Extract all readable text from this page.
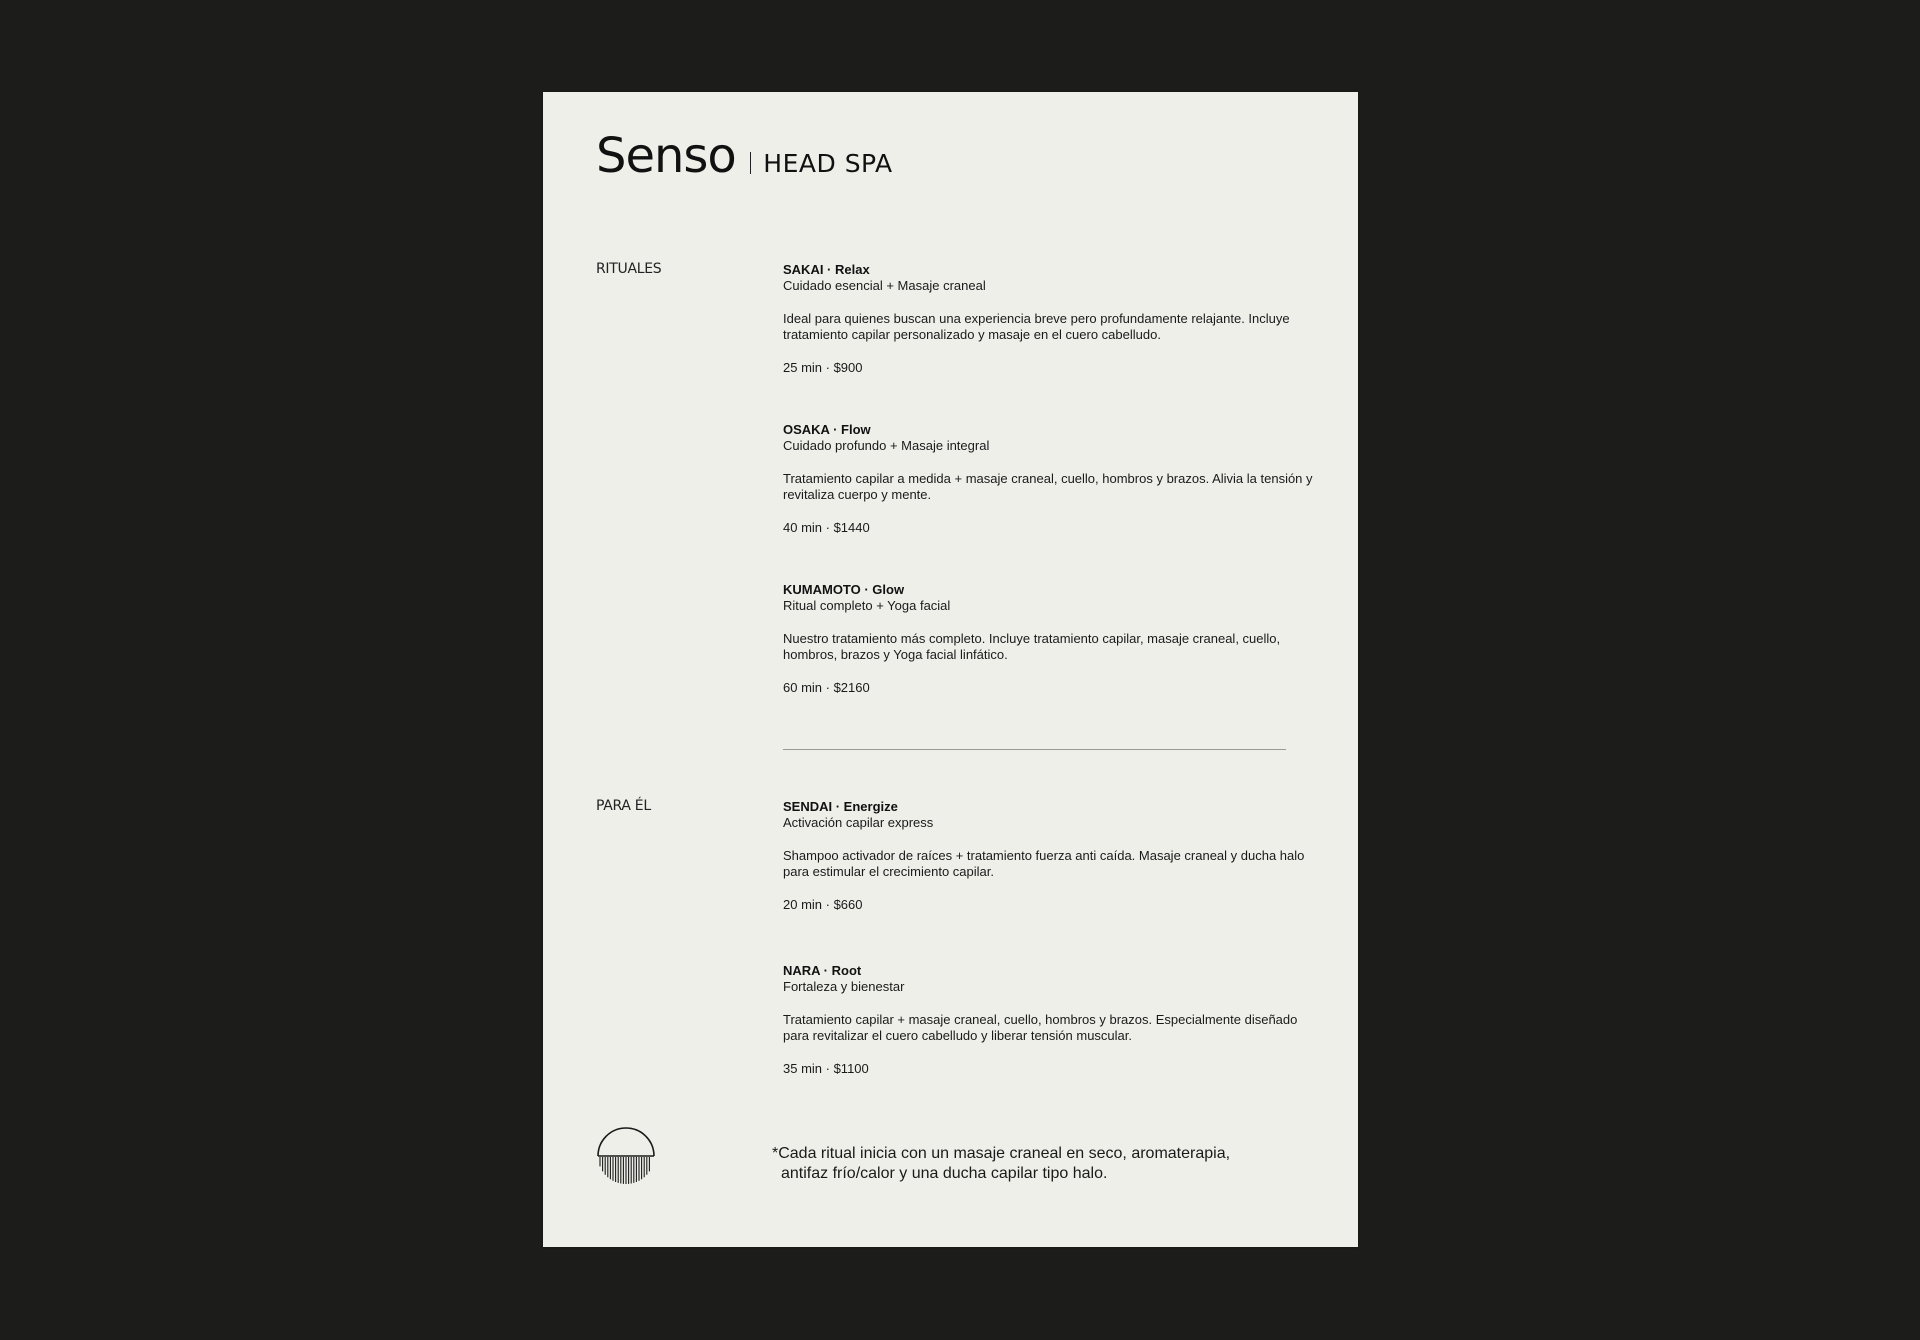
Senso HEAD SPA
RITUALES	SAKAI · Relax
Cuidado esencial + Masaje craneal
Ideal para quienes buscan una experiencia breve pero profundamente relajante. Incluye tratamiento capilar personalizado y masaje en el cuero cabelludo.
25 min · $900
OSAKA · Flow
Cuidado profundo + Masaje integral
Tratamiento capilar a medida + masaje craneal, cuello, hombros y brazos. Alivia la tensión y revitaliza cuerpo y mente.
40 min · $1440
KUMAMOTO · Glow
Ritual completo + Yoga facial
Nuestro tratamiento más completo. Incluye tratamiento capilar, masaje craneal, cuello, hombros, brazos y Yoga facial linfático.
60 min · $2160
PARA ÉL	SENDAI · Energize
Activación capilar express
Shampoo activador de raíces + tratamiento fuerza anti caída. Masaje craneal y ducha halo para estimular el crecimiento capilar.
20 min · $660
NARA · Root
Fortaleza y bienestar
Tratamiento capilar + masaje craneal, cuello, hombros y brazos. Especialmente diseñado para revitalizar el cuero cabelludo y liberar tensión muscular.
35 min · $1100
*Cada ritual inicia con un masaje craneal en seco, aromaterapia,
antifaz frío/calor y una ducha capilar tipo halo.
